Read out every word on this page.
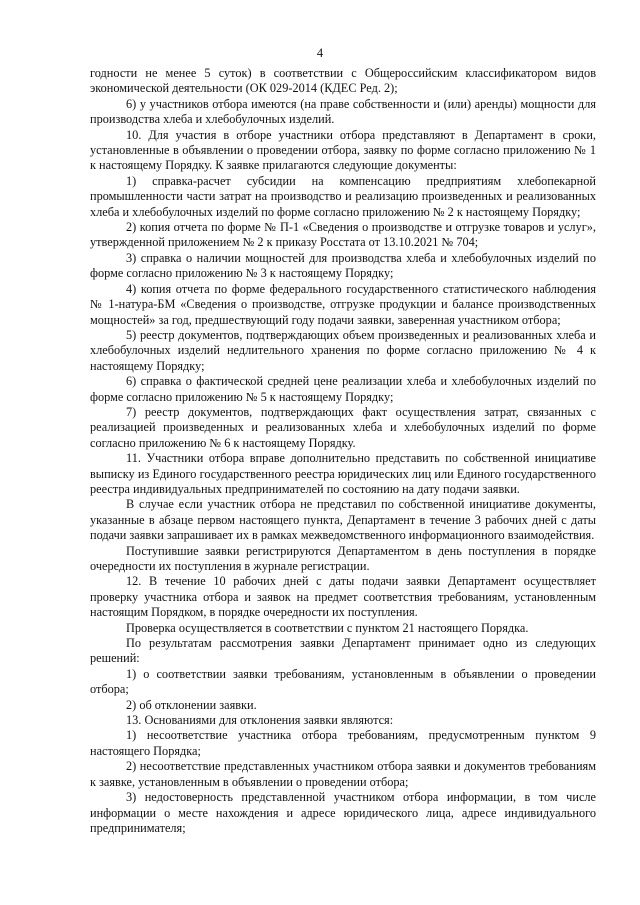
4

годности не менее 5 суток) в соответствии с Общероссийским классификатором видов экономической деятельности (ОК 029-2014 (КДЕС Ред. 2);

6) у участников отбора имеются (на праве собственности и (или) аренды) мощности для производства хлеба и хлебобулочных изделий.

10. Для участия в отборе участники отбора представляют в Департамент в сроки, установленные в объявлении о проведении отбора, заявку по форме согласно приложению № 1 к настоящему Порядку. К заявке прилагаются следующие документы:

1) справка-расчет субсидии на компенсацию предприятиям хлебопекарной промышленности части затрат на производство и реализацию произведенных и реализованных хлеба и хлебобулочных изделий по форме согласно приложению № 2 к настоящему Порядку;

2) копия отчета по форме № П-1 «Сведения о производстве и отгрузке товаров и услуг», утвержденной приложением № 2 к приказу Росстата от 13.10.2021 № 704;

3) справка о наличии мощностей для производства хлеба и хлебобулочных изделий по форме согласно приложению № 3 к настоящему Порядку;

4) копия отчета по форме федерального государственного статистического наблюдения № 1-натура-БМ «Сведения о производстве, отгрузке продукции и балансе производственных мощностей» за год, предшествующий году подачи заявки, заверенная участником отбора;

5) реестр документов, подтверждающих объем произведенных и реализованных хлеба и хлебобулочных изделий недлительного хранения по форме согласно приложению № 4 к настоящему Порядку;

6) справка о фактической средней цене реализации хлеба и хлебобулочных изделий по форме согласно приложению № 5 к настоящему Порядку;

7) реестр документов, подтверждающих факт осуществления затрат, связанных с реализацией произведенных и реализованных хлеба и хлебобулочных изделий по форме согласно приложению № 6 к настоящему Порядку.

11. Участники отбора вправе дополнительно представить по собственной инициативе выписку из Единого государственного реестра юридических лиц или Единого государственного реестра индивидуальных предпринимателей по состоянию на дату подачи заявки.

В случае если участник отбора не представил по собственной инициативе документы, указанные в абзаце первом настоящего пункта, Департамент в течение 3 рабочих дней с даты подачи заявки запрашивает их в рамках межведомственного информационного взаимодействия.

Поступившие заявки регистрируются Департаментом в день поступления в порядке очередности их поступления в журнале регистрации.

12. В течение 10 рабочих дней с даты подачи заявки Департамент осуществляет проверку участника отбора и заявок на предмет соответствия требованиям, установленным настоящим Порядком, в порядке очередности их поступления.

Проверка осуществляется в соответствии с пунктом 21 настоящего Порядка.

По результатам рассмотрения заявки Департамент принимает одно из следующих решений:

1) о соответствии заявки требованиям, установленным в объявлении о проведении отбора;

2) об отклонении заявки.

13. Основаниями для отклонения заявки являются:

1) несоответствие участника отбора требованиям, предусмотренным пунктом 9 настоящего Порядка;

2) несоответствие представленных участником отбора заявки и документов требованиям к заявке, установленным в объявлении о проведении отбора;

3) недостоверность представленной участником отбора информации, в том числе информации о месте нахождения и адресе юридического лица, адресе индивидуального предпринимателя;
